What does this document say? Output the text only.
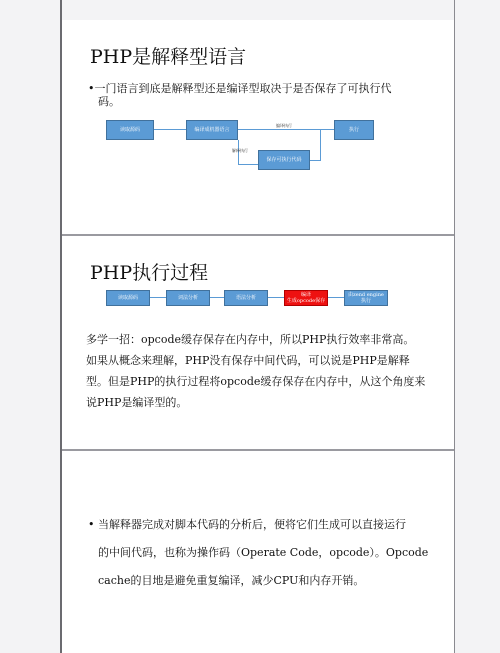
PHP是解释型语言
•一门语言到底是解释型还是编译型取决于是否保存了可执行代
码。
读取源码	编译成机器语言
编译执行
执行
解释执行
保存可执行代码
PHP执行过程
读取源码	词法分析	语法分析	编译
生成opcode保存
由zend engine
执行
多学一招：opcode缓存保存在内存中，所以PHP执行效率非常高。
如果从概念来理解，PHP没有保存中间代码，可以说是PHP是解释
型。但是PHP的执行过程将opcode缓存保存在内存中，从这个角度来
说PHP是编译型的。
• 当解释器完成对脚本代码的分析后，便将它们生成可以直接运行
的中间代码，也称为操作码（Operate Code，opcode）。Opcode
cache的目地是避免重复编译，减少CPU和内存开销。
